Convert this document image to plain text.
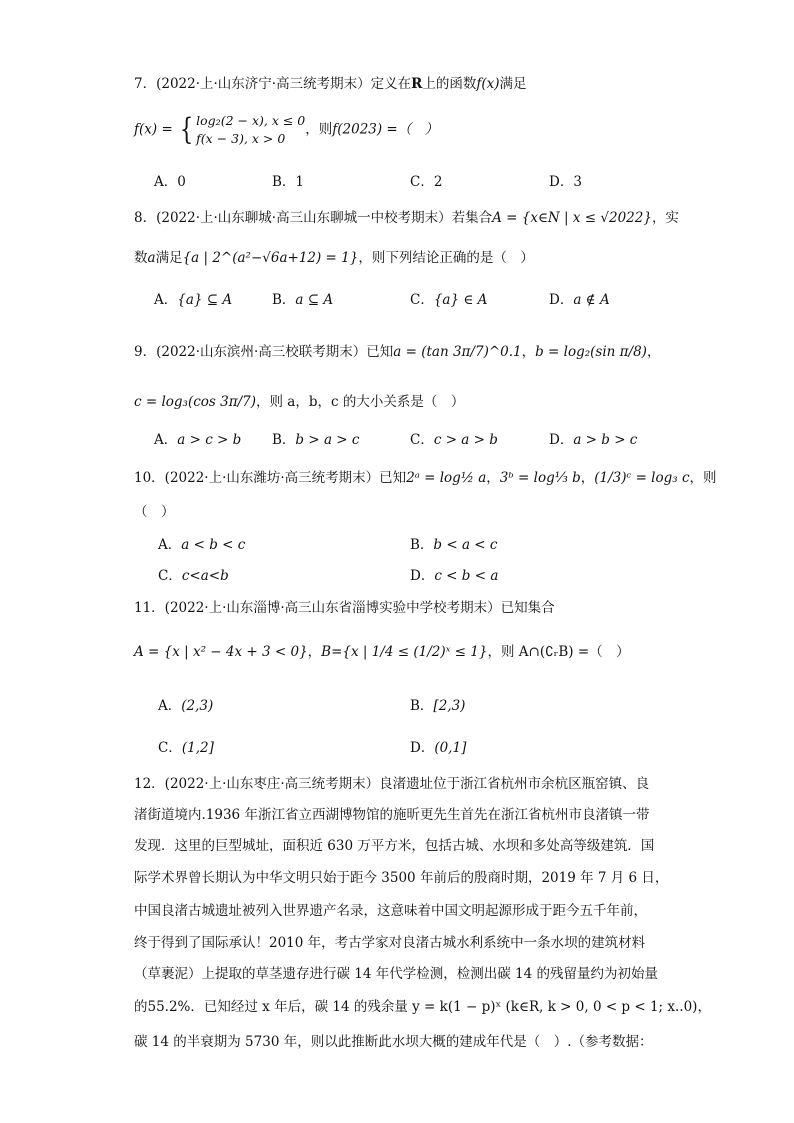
7．(2022·上·山东济宁·高三统考期末）定义在R上的函数f(x)满足
f(x) = { log₂(2 − x), x ≤ 0
f(x − 3), x > 0
，则f(2023) =（　）
A．0	B．1	C．2	D．3
8．(2022·上·山东聊城·高三山东聊城一中校考期末）若集合A = {x∈N | x ≤ √2022}，实
数a满足{a | 2^(a²−√6a+12) = 1}，则下列结论正确的是（　）
A．{a} ⊆ A	B．a ⊆ A	C．{a} ∈ A	D．a ∉ A
9．(2022·山东滨州·高三校联考期末）已知a = (tan 3π/7)^0.1，b = log₂(sin π/8)，
c = log₃(cos 3π/7)，则 a，b，c 的大小关系是（　）
A．a > c > b B．b > a > c	C．c > a > b	D．a > b > c
10．(2022·上·山东潍坊·高三统考期末）已知2ᵃ = log½ a，3ᵇ = log⅓ b，(1/3)ᶜ = log₃ c，则
（　）
A．a < b < c	B．b < a < c
C．c<a<b	D．c < b < a
11．(2022·上·山东淄博·高三山东省淄博实验中学校考期末）已知集合
A = {x | x² − 4x + 3 < 0}，B={x | 1/4 ≤ (1/2)ˣ ≤ 1}，则 A∩(∁ᵣB) =（　）
A．(2,3)	B．[2,3)
C．(1,2]	D．(0,1]
12．(2022·上·山东枣庄·高三统考期末）良渚遗址位于浙江省杭州市余杭区瓶窑镇、良
渚街道境内.1936 年浙江省立西湖博物馆的施昕更先生首先在浙江省杭州市良渚镇一带
发现．这里的巨型城址，面积近 630 万平方米，包括古城、水坝和多处高等级建筑．国
际学术界曾长期认为中华文明只始于距今 3500 年前后的殷商时期，2019 年 7 月 6 日，
中国良渚古城遗址被列入世界遗产名录，这意味着中国文明起源形成于距今五千年前，
终于得到了国际承认！2010 年，考古学家对良渚古城水利系统中一条水坝的建筑材料
（草裹泥）上提取的草茎遗存进行碳 14 年代学检测，检测出碳 14 的残留量约为初始量
的55.2%．已知经过 x 年后，碳 14 的残余量 y = k(1 − p)ˣ (k∈R, k > 0, 0 < p < 1; x..0)，
碳 14 的半衰期为 5730 年，则以此推断此水坝大概的建成年代是（　）.（参考数据：
